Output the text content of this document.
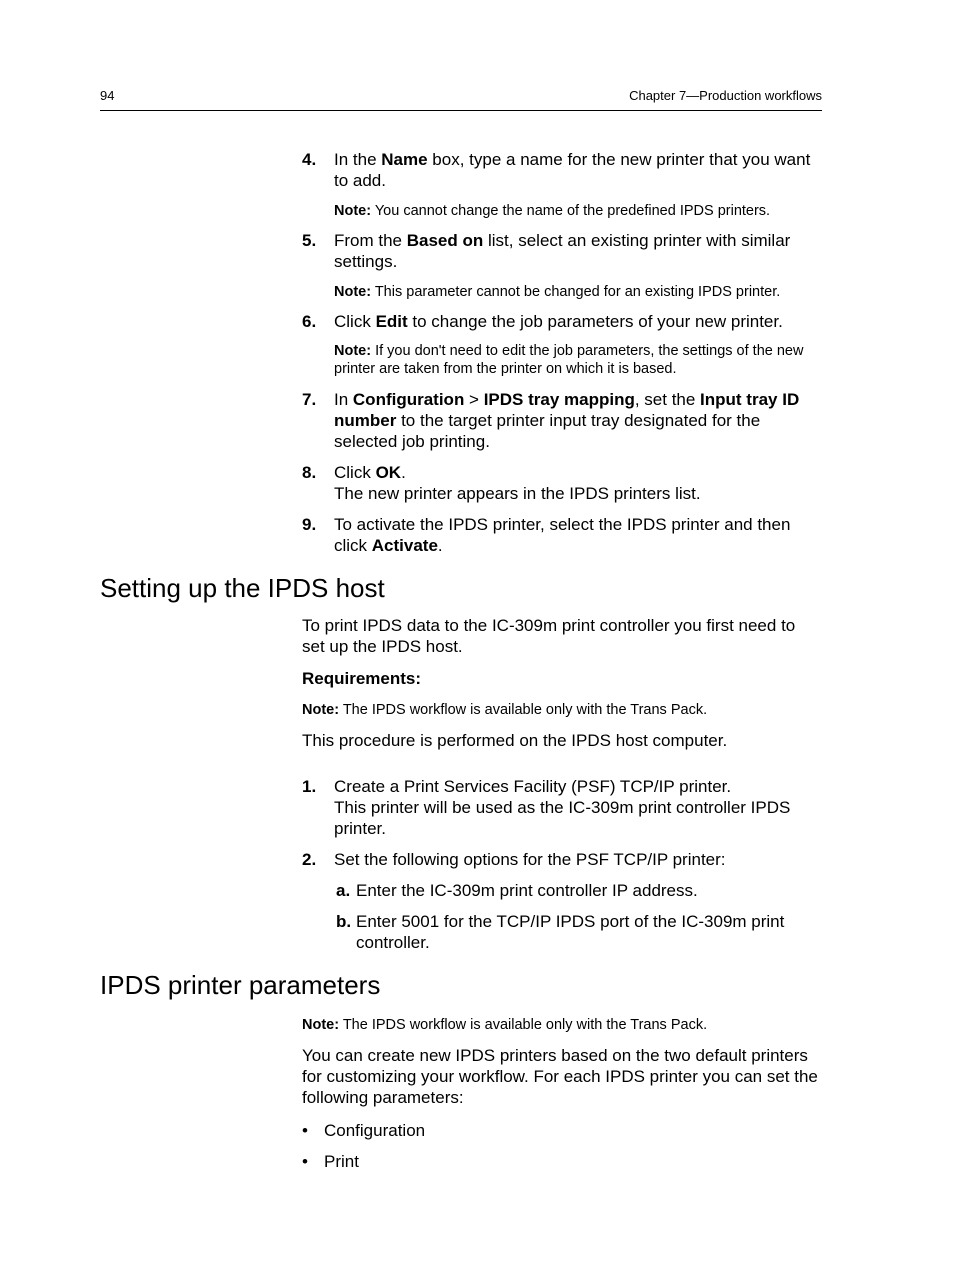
94	Chapter 7—Production workflows
4. In the Name box, type a name for the new printer that you want to add.
Note: You cannot change the name of the predefined IPDS printers.
5. From the Based on list, select an existing printer with similar settings.
Note: This parameter cannot be changed for an existing IPDS printer.
6. Click Edit to change the job parameters of your new printer.
Note: If you don't need to edit the job parameters, the settings of the new printer are taken from the printer on which it is based.
7. In Configuration > IPDS tray mapping, set the Input tray ID number to the target printer input tray designated for the selected job printing.
8. Click OK.
The new printer appears in the IPDS printers list.
9. To activate the IPDS printer, select the IPDS printer and then click Activate.
Setting up the IPDS host
To print IPDS data to the IC-309m print controller you first need to set up the IPDS host.
Requirements:
Note: The IPDS workflow is available only with the Trans Pack.
This procedure is performed on the IPDS host computer.
1. Create a Print Services Facility (PSF) TCP/IP printer.
This printer will be used as the IC-309m print controller IPDS printer.
2. Set the following options for the PSF TCP/IP printer:
a. Enter the IC-309m print controller IP address.
b. Enter 5001 for the TCP/IP IPDS port of the IC-309m print controller.
IPDS printer parameters
Note: The IPDS workflow is available only with the Trans Pack.
You can create new IPDS printers based on the two default printers for customizing your workflow. For each IPDS printer you can set the following parameters:
• Configuration
• Print
